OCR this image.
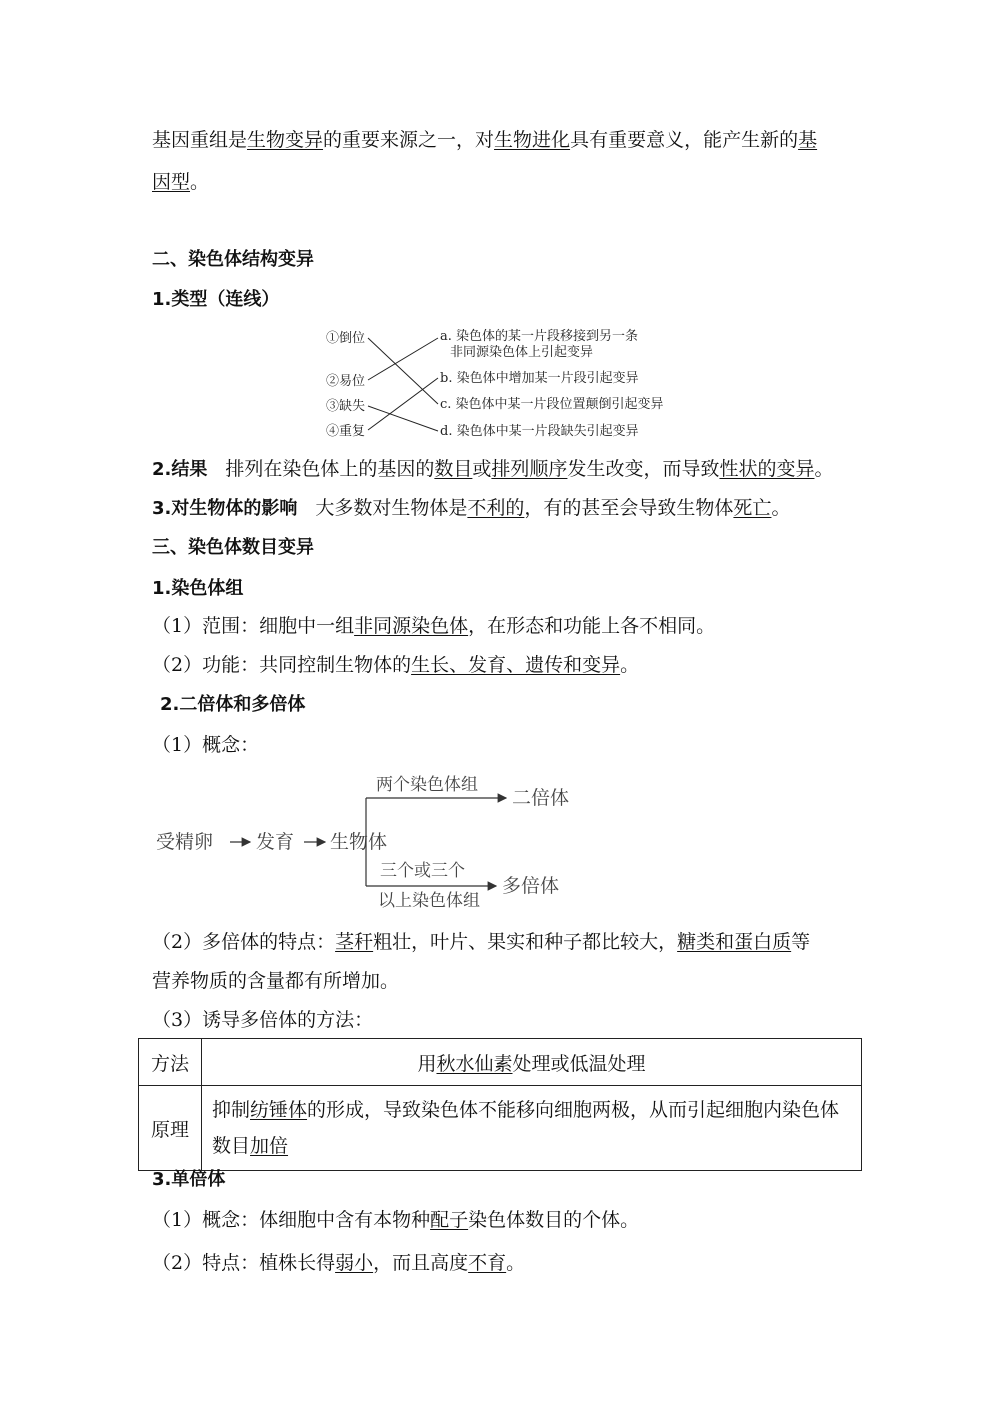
基因重组是生物变异的重要来源之一，对生物进化具有重要意义，能产生新的基
因型。
二、染色体结构变异
1.类型（连线）
①倒位
②易位
③缺失
④重复
a. 染色体的某一片段移接到另一条
非同源染色体上引起变异
b. 染色体中增加某一片段引起变异
c. 染色体中某一片段位置颠倒引起变异
d. 染色体中某一片段缺失引起变异
2.结果 排列在染色体上的基因的数目或排列顺序发生改变，而导致性状的变异。
3.对生物体的影响 大多数对生物体是不利的，有的甚至会导致生物体死亡。
三、染色体数目变异
1.染色体组
（1）范围：细胞中一组非同源染色体，在形态和功能上各不相同。
（2）功能：共同控制生物体的生长、发育、遗传和变异。
2.二倍体和多倍体
（1）概念：
受精卵 发育 生物体
两个染色体组
二倍体
三个或三个
以上染色体组
多倍体
（2）多倍体的特点：茎秆粗壮，叶片、果实和种子都比较大，糖类和蛋白质等
营养物质的含量都有所增加。
（3）诱导多倍体的方法：
方法	用秋水仙素处理或低温处理
原理	抑制纺锤体的形成，导致染色体不能移向细胞两极，从而引起细胞内染色体数目加倍
3.单倍体
（1）概念：体细胞中含有本物种配子染色体数目的个体。
（2）特点：植株长得弱小，而且高度不育。
